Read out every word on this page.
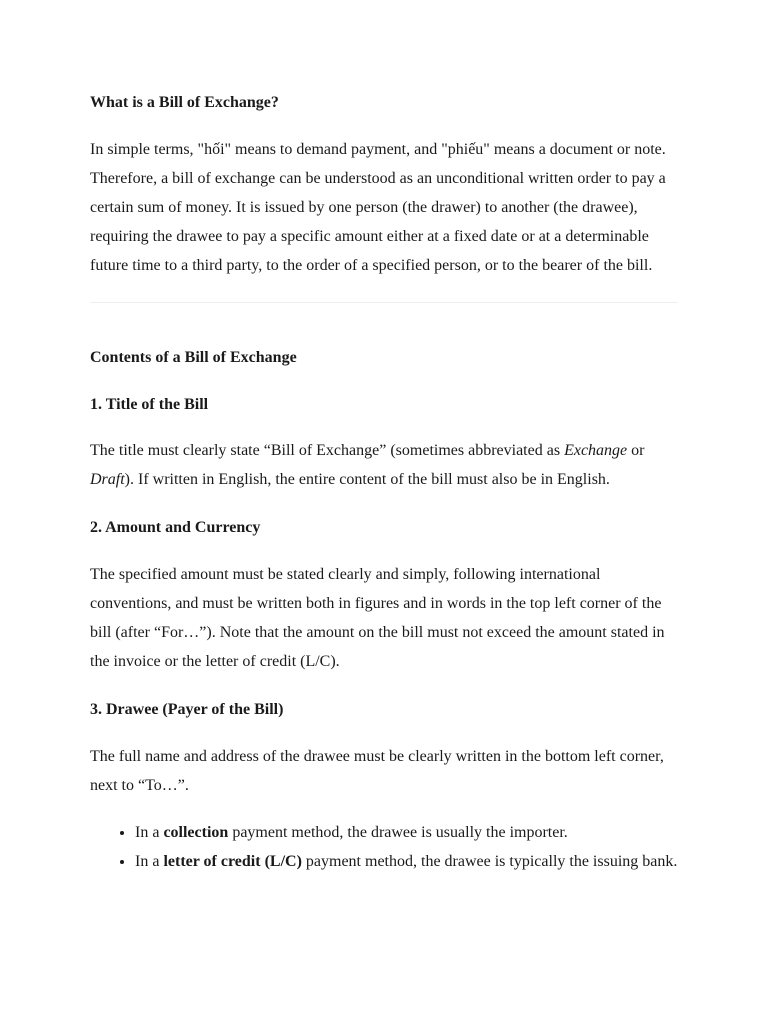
What is a Bill of Exchange?

In simple terms, "hối" means to demand payment, and "phiếu" means a document or note. Therefore, a bill of exchange can be understood as an unconditional written order to pay a certain sum of money. It is issued by one person (the drawer) to another (the drawee), requiring the drawee to pay a specific amount either at a fixed date or at a determinable future time to a third party, to the order of a specified person, or to the bearer of the bill.

Contents of a Bill of Exchange
1. Title of the Bill

The title must clearly state “Bill of Exchange” (sometimes abbreviated as Exchange or Draft). If written in English, the entire content of the bill must also be in English.

2. Amount and Currency

The specified amount must be stated clearly and simply, following international conventions, and must be written both in figures and in words in the top left corner of the bill (after “For…”). Note that the amount on the bill must not exceed the amount stated in the invoice or the letter of credit (L/C).

3. Drawee (Payer of the Bill)

The full name and address of the drawee must be clearly written in the bottom left corner, next to “To…”.

• In a collection payment method, the drawee is usually the importer.
• In a letter of credit (L/C) payment method, the drawee is typically the issuing bank.
